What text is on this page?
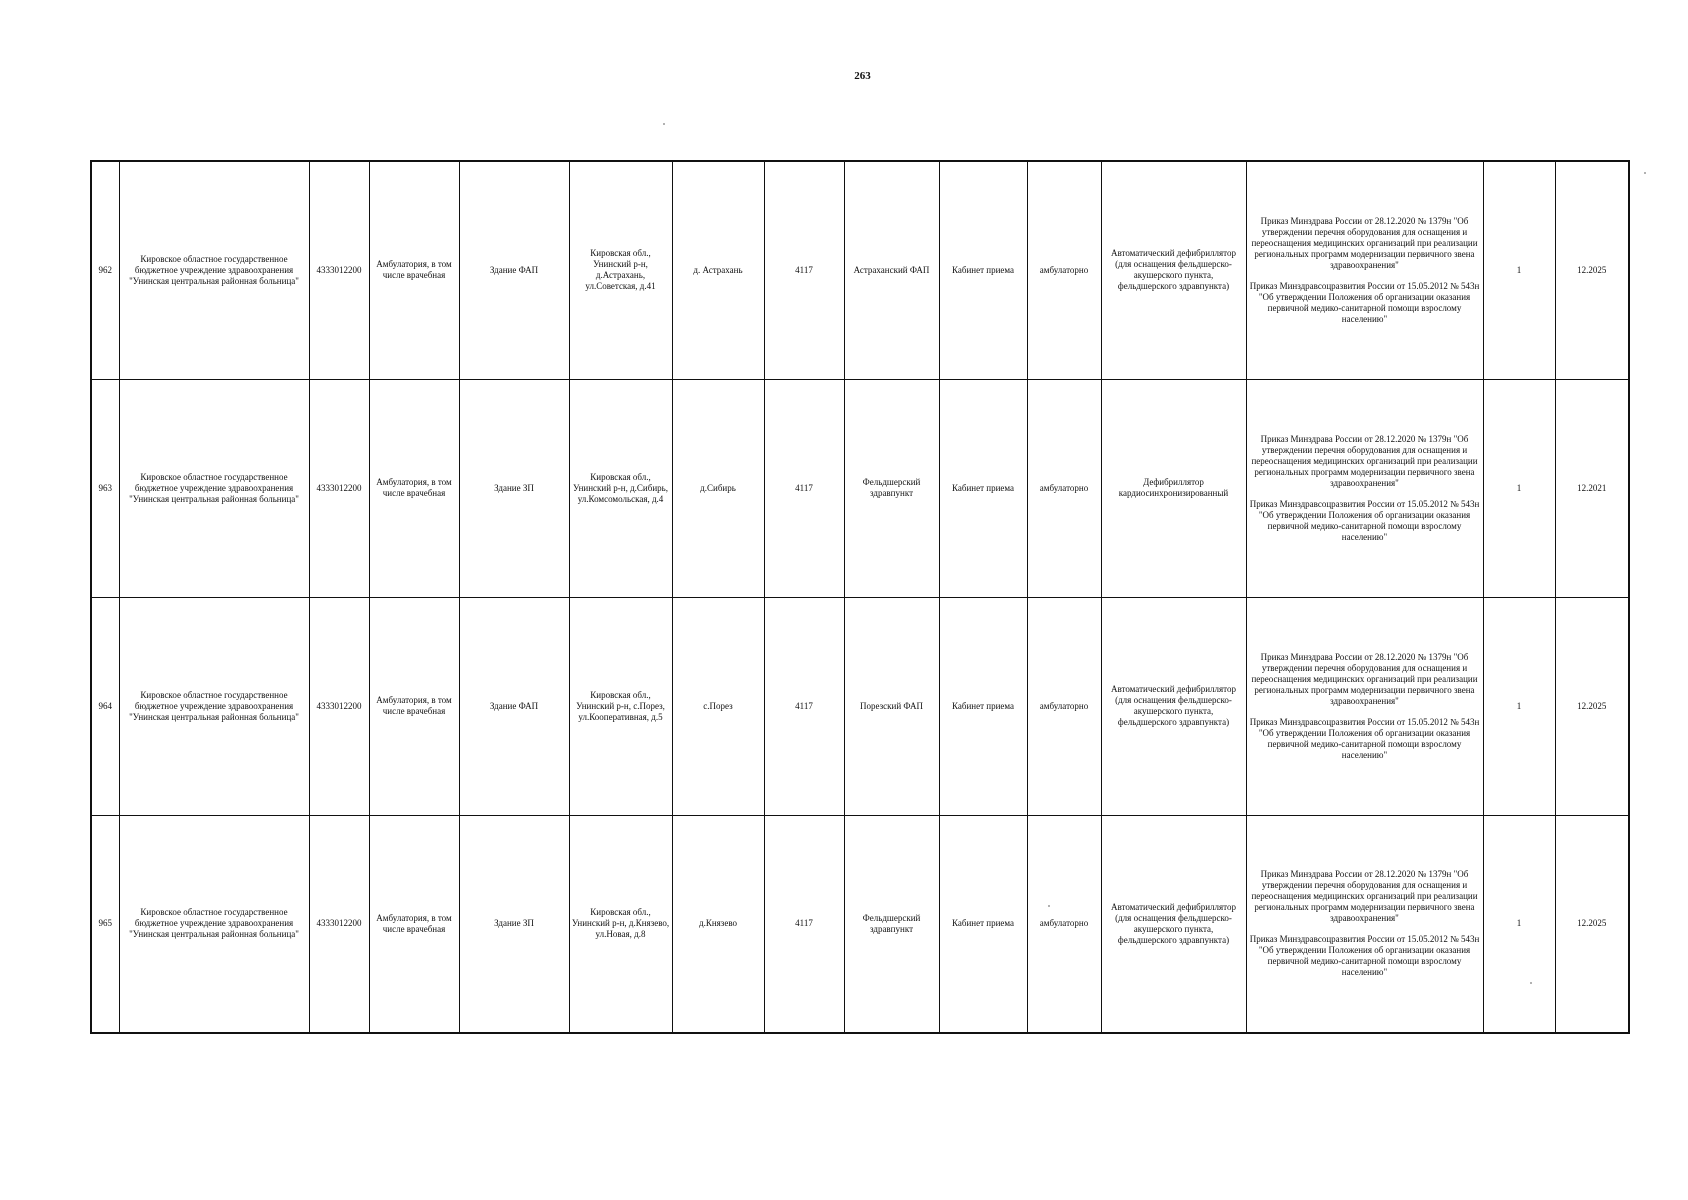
263
962	Кировское областное государственное бюджетное учреждение здравоохранения "Унинская центральная районная больница"	4333012200	Амбулатория, в том числе врачебная	Здание ФАП	Кировская обл., Унинский р-н, д.Астрахань, ул.Советская, д.41	д. Астрахань	4117	Астраханский ФАП	Кабинет приема	амбулаторно	Автоматический дефибриллятор (для оснащения фельдшерско-акушерского пункта, фельдшерского здравпункта)	Приказ Минздрава России от 28.12.2020 № 1379н "Об утверждении перечня оборудования для оснащения и переоснащения медицинских организаций при реализации региональных программ модернизации первичного звена здравоохранения"
Приказ Минздравсоцразвития России от 15.05.2012 № 543н "Об утверждении Положения об организации оказания первичной медико-санитарной помощи взрослому населению"	1	12.2025
963	Кировское областное государственное бюджетное учреждение здравоохранения "Унинская центральная районная больница"	4333012200	Амбулатория, в том числе врачебная	Здание ЗП	Кировская обл., Унинский р-н, д.Сибирь, ул.Комсомольская, д.4	д.Сибирь	4117	Фельдшерский здравпункт	Кабинет приема	амбулаторно	Дефибриллятор кардиосинхронизированный	Приказ Минздрава России от 28.12.2020 № 1379н "Об утверждении перечня оборудования для оснащения и переоснащения медицинских организаций при реализации региональных программ модернизации первичного звена здравоохранения"
Приказ Минздравсоцразвития России от 15.05.2012 № 543н "Об утверждении Положения об организации оказания первичной медико-санитарной помощи взрослому населению"	1	12.2021
964	Кировское областное государственное бюджетное учреждение здравоохранения "Унинская центральная районная больница"	4333012200	Амбулатория, в том числе врачебная	Здание ФАП	Кировская обл., Унинский р-н, с.Порез, ул.Кооперативная, д.5	с.Порез	4117	Порезский ФАП	Кабинет приема	амбулаторно	Автоматический дефибриллятор (для оснащения фельдшерско-акушерского пункта, фельдшерского здравпункта)	Приказ Минздрава России от 28.12.2020 № 1379н "Об утверждении перечня оборудования для оснащения и переоснащения медицинских организаций при реализации региональных программ модернизации первичного звена здравоохранения"
Приказ Минздравсоцразвития России от 15.05.2012 № 543н "Об утверждении Положения об организации оказания первичной медико-санитарной помощи взрослому населению"	1	12.2025
965	Кировское областное государственное бюджетное учреждение здравоохранения "Унинская центральная районная больница"	4333012200	Амбулатория, в том числе врачебная	Здание ЗП	Кировская обл., Унинский р-н, д.Князево, ул.Новая, д.8	д.Князево	4117	Фельдшерский здравпункт	Кабинет приема	амбулаторно	Автоматический дефибриллятор (для оснащения фельдшерско-акушерского пункта, фельдшерского здравпункта)	Приказ Минздрава России от 28.12.2020 № 1379н "Об утверждении перечня оборудования для оснащения и переоснащения медицинских организаций при реализации региональных программ модернизации первичного звена здравоохранения"
Приказ Минздравсоцразвития России от 15.05.2012 № 543н "Об утверждении Положения об организации оказания первичной медико-санитарной помощи взрослому населению"	1	12.2025
